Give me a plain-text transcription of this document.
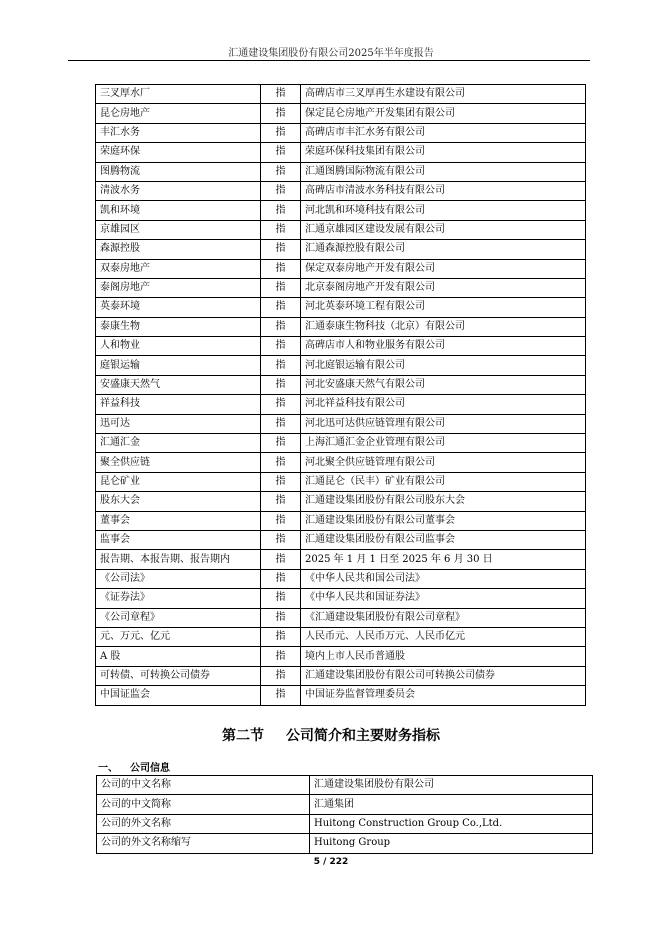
汇通建设集团股份有限公司2025年半年度报告
三叉厚水厂	指	高碑店市三叉厚再生水建设有限公司
昆仑房地产	指	保定昆仑房地产开发集团有限公司
丰汇水务	指	高碑店市丰汇水务有限公司
荣庭环保	指	荣庭环保科技集团有限公司
图腾物流	指	汇通图腾国际物流有限公司
清波水务	指	高碑店市清波水务科技有限公司
凯和环境	指	河北凯和环境科技有限公司
京雄园区	指	汇通京雄园区建设发展有限公司
森源控股	指	汇通森源控股有限公司
双泰房地产	指	保定双泰房地产开发有限公司
泰阁房地产	指	北京泰阁房地产开发有限公司
英泰环境	指	河北英泰环境工程有限公司
泰康生物	指	汇通泰康生物科技（北京）有限公司
人和物业	指	高碑店市人和物业服务有限公司
庭银运输	指	河北庭银运输有限公司
安盛康天然气	指	河北安盛康天然气有限公司
祥益科技	指	河北祥益科技有限公司
迅可达	指	河北迅可达供应链管理有限公司
汇通汇金	指	上海汇通汇金企业管理有限公司
聚全供应链	指	河北聚全供应链管理有限公司
昆仑矿业	指	汇通昆仑（民丰）矿业有限公司
股东大会	指	汇通建设集团股份有限公司股东大会
董事会	指	汇通建设集团股份有限公司董事会
监事会	指	汇通建设集团股份有限公司监事会
报告期、本报告期、报告期内	指	2025 年 1 月 1 日至 2025 年 6 月 30 日
《公司法》	指	《中华人民共和国公司法》
《证券法》	指	《中华人民共和国证券法》
《公司章程》	指	《汇通建设集团股份有限公司章程》
元、万元、亿元	指	人民币元、人民币万元、人民币亿元
A 股	指	境内上市人民币普通股
可转债、可转换公司债券	指	汇通建设集团股份有限公司可转换公司债券
中国证监会	指	中国证券监督管理委员会
第二节 公司简介和主要财务指标
一、 公司信息
公司的中文名称	汇通建设集团股份有限公司
公司的中文简称	汇通集团
公司的外文名称	Huitong Construction Group Co.,Ltd.
公司的外文名称缩写	Huitong Group
5 / 222
